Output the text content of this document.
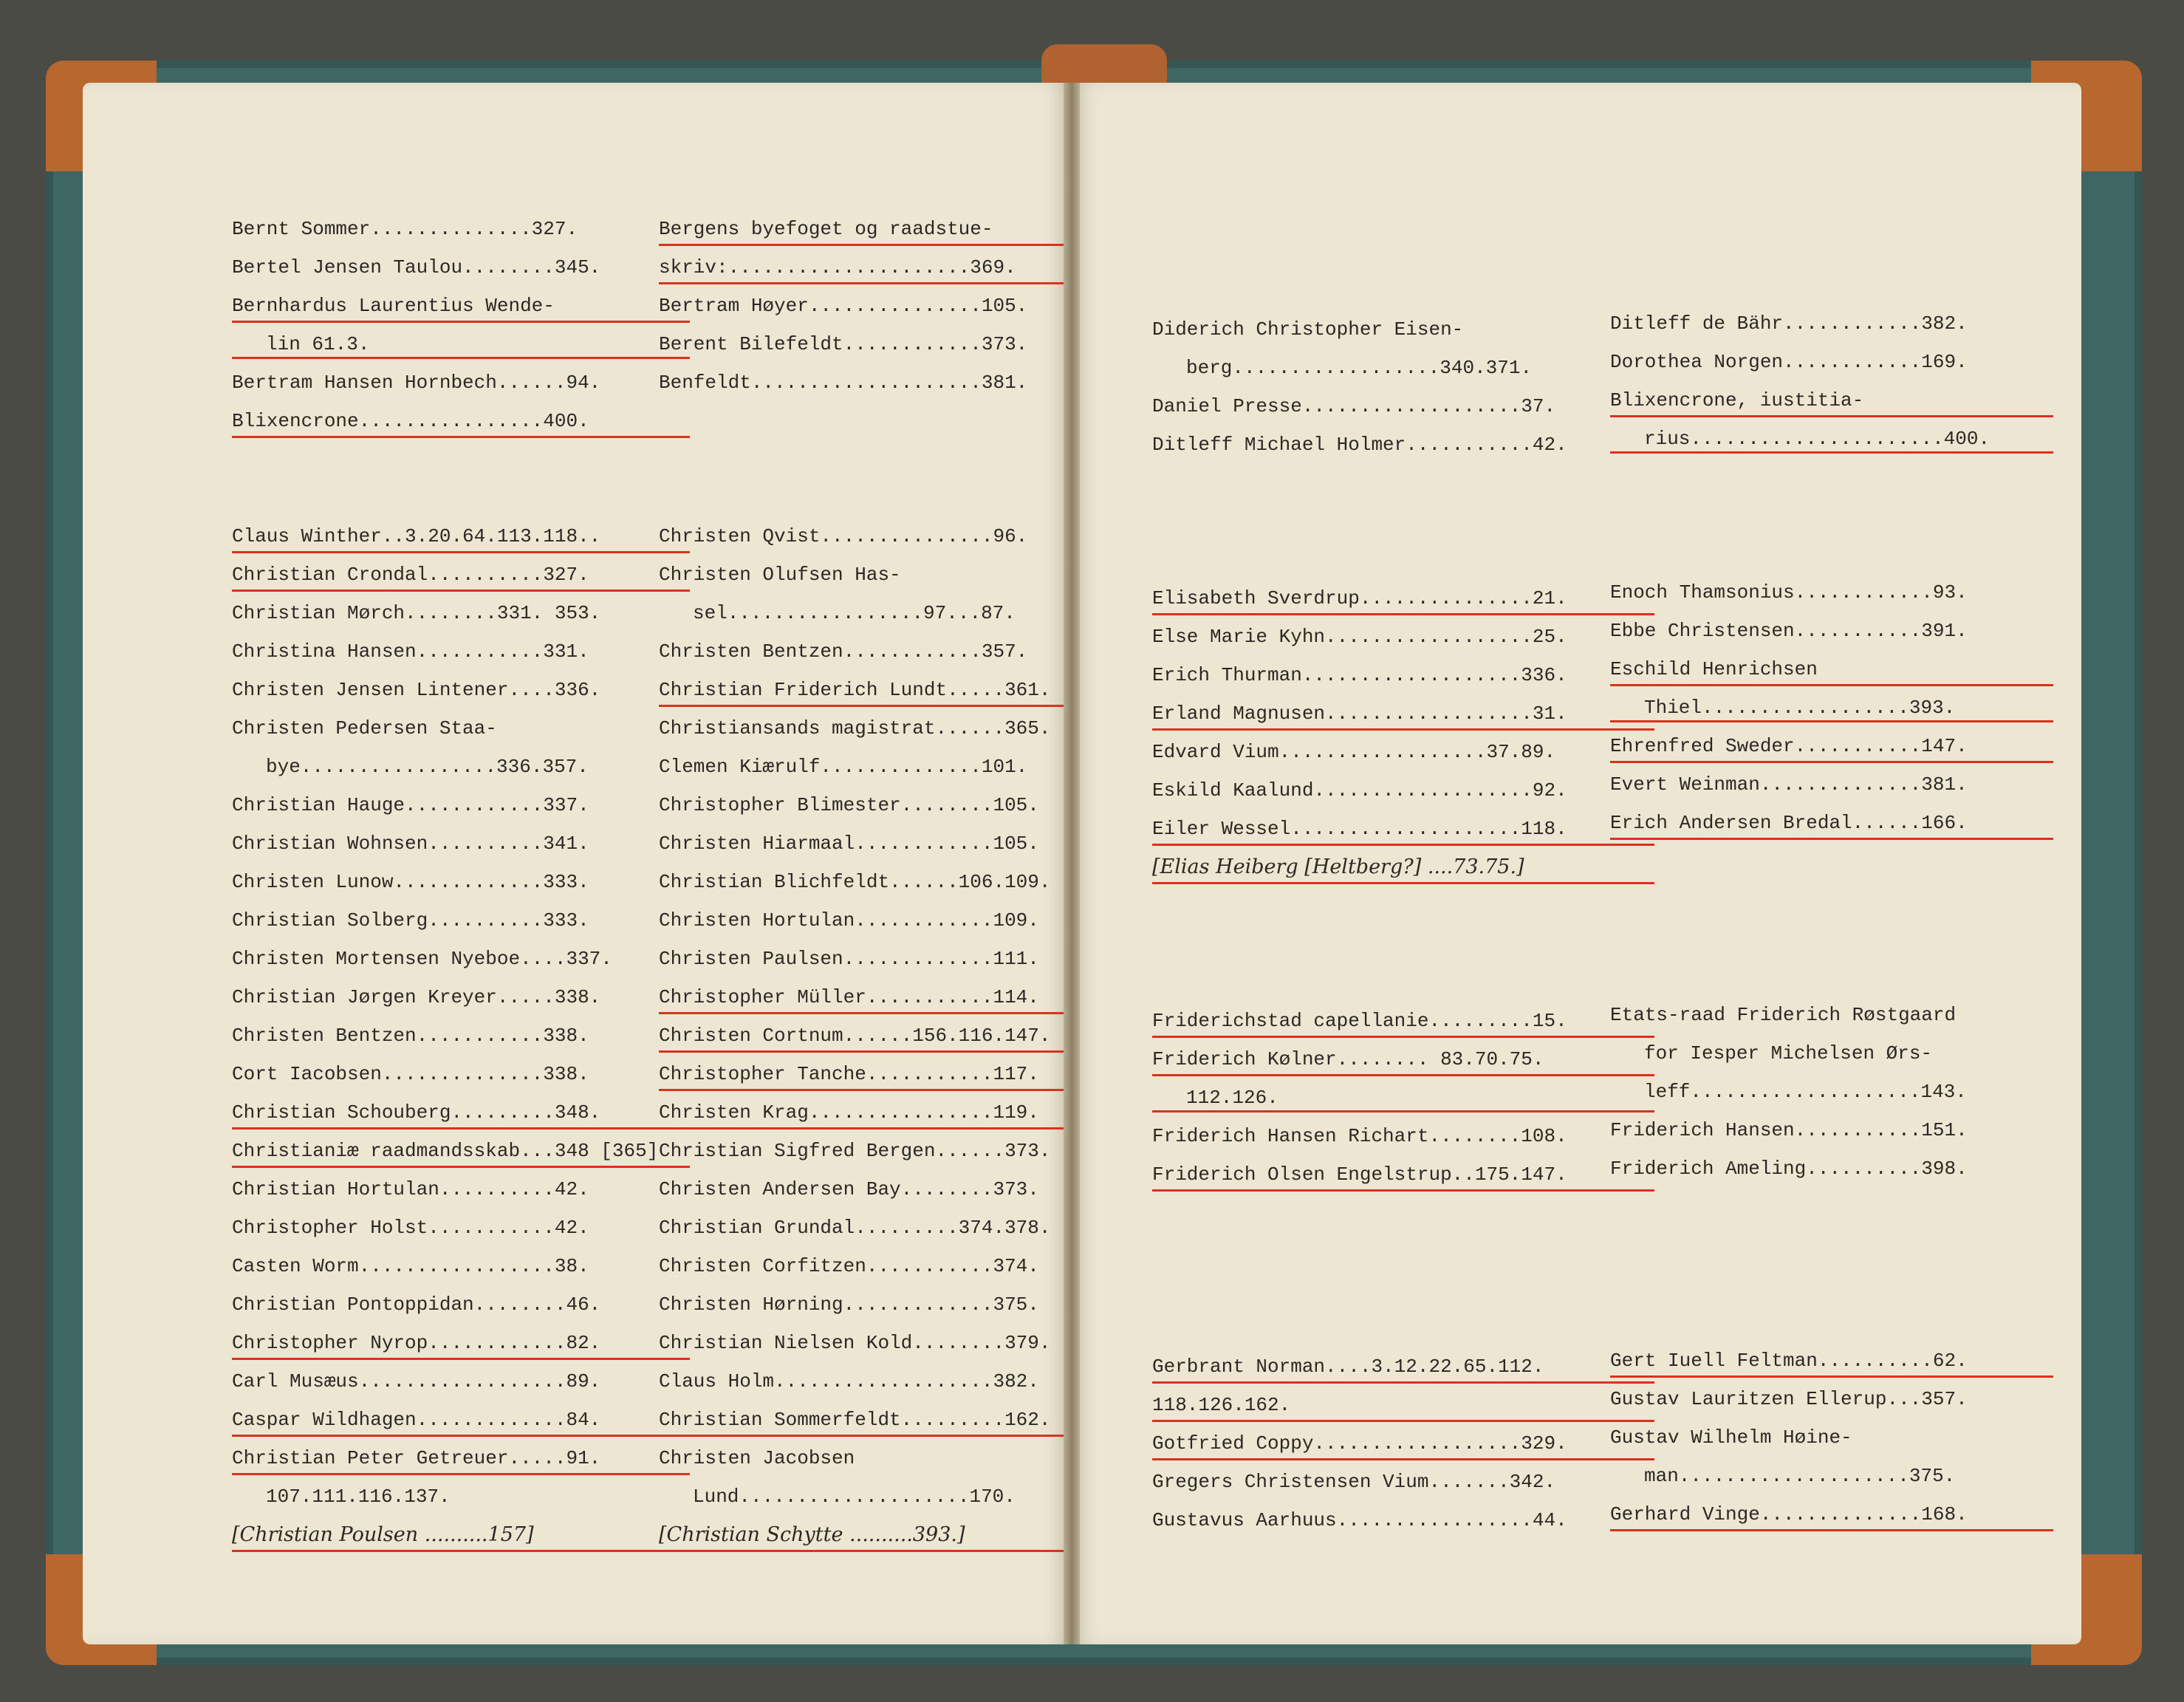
Bernt Sommer..............327.
Bertel Jensen Taulou........345.
Bernhardus Laurentius Wende-
lin 61.3.
Bertram Hansen Hornbech......94.
Blixencrone................400.
Claus Winther..3.20.64.113.118..
Christian Crondal..........327.
Christian Mørch........331. 353.
Christina Hansen...........331.
Christen Jensen Lintener....336.
Christen Pedersen Staa-
bye.................336.357.
Christian Hauge............337.
Christian Wohnsen..........341.
Christen Lunow.............333.
Christian Solberg..........333.
Christen Mortensen Nyeboe....337.
Christian Jørgen Kreyer.....338.
Christen Bentzen...........338.
Cort Iacobsen..............338.
Christian Schouberg.........348.
Christianiæ raadmandsskab...348 [365]
Christian Hortulan..........42.
Christopher Holst...........42.
Casten Worm.................38.
Christian Pontoppidan........46.
Christopher Nyrop............82.
Carl Musæus..................89.
Caspar Wildhagen.............84.
Christian Peter Getreuer.....91.
107.111.116.137.
[Christian Poulsen ..........157]
Bergens byefoget og raadstue-
skriv:.....................369.
Bertram Høyer...............105.
Berent Bilefeldt............373.
Benfeldt....................381.
Christen Qvist...............96.
Christen Olufsen Has-
sel.................97...87.
Christen Bentzen............357.
Christian Friderich Lundt.....361.
Christiansands magistrat......365.
Clemen Kiærulf..............101.
Christopher Blimester........105.
Christen Hiarmaal............105.
Christian Blichfeldt......106.109.
Christen Hortulan............109.
Christen Paulsen.............111.
Christopher Müller...........114.
Christen Cortnum......156.116.147.
Christopher Tanche...........117.
Christen Krag................119.
Christian Sigfred Bergen......373.
Christen Andersen Bay........373.
Christian Grundal.........374.378.
Christen Corfitzen...........374.
Christen Hørning.............375.
Christian Nielsen Kold........379.
Claus Holm...................382.
Christian Sommerfeldt.........162.
Christen Jacobsen
Lund....................170.
[Christian Schytte ..........393.]
Diderich Christopher Eisen-
berg..................340.371.
Daniel Presse...................37.
Ditleff Michael Holmer...........42.
Elisabeth Sverdrup...............21.
Else Marie Kyhn..................25.
Erich Thurman...................336.
Erland Magnusen..................31.
Edvard Vium..................37.89.
Eskild Kaalund...................92.
Eiler Wessel....................118.
[Elias Heiberg [Heltberg?] ....73.75.]
Friderichstad capellanie.........15.
Friderich Kølner........ 83.70.75.
112.126.
Friderich Hansen Richart........108.
Friderich Olsen Engelstrup..175.147.
Gerbrant Norman....3.12.22.65.112.
118.126.162.
Gotfried Coppy..................329.
Gregers Christensen Vium.......342.
Gustavus Aarhuus.................44.
Ditleff de Bähr............382.
Dorothea Norgen............169.
Blixencrone, iustitia-
rius......................400.
Enoch Thamsonius............93.
Ebbe Christensen...........391.
Eschild Henrichsen
Thiel..................393.
Ehrenfred Sweder...........147.
Evert Weinman..............381.
Erich Andersen Bredal......166.
Etats-raad Friderich Røstgaard
for Iesper Michelsen Ørs-
leff....................143.
Friderich Hansen...........151.
Friderich Ameling..........398.
Gert Iuell Feltman..........62.
Gustav Lauritzen Ellerup...357.
Gustav Wilhelm Høine-
man....................375.
Gerhard Vinge..............168.
